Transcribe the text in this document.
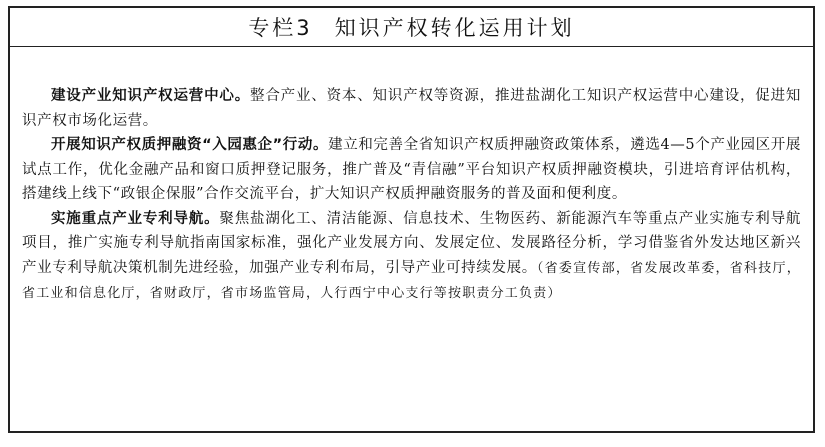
专栏3 知识产权转化运用计划

建设产业知识产权运营中心。整合产业、资本、知识产权等资源，推进盐湖化工知识产权运营中心建设，促进知识产权市场化运营。

开展知识产权质押融资“入园惠企”行动。建立和完善全省知识产权质押融资政策体系，遴选4—5个产业园区开展试点工作，优化金融产品和窗口质押登记服务，推广普及“青信融”平台知识产权质押融资模块，引进培育评估机构，搭建线上线下“政银企保服”合作交流平台，扩大知识产权质押融资服务的普及面和便利度。

实施重点产业专利导航。聚焦盐湖化工、清洁能源、信息技术、生物医药、新能源汽车等重点产业实施专利导航项目，推广实施专利导航指南国家标准，强化产业发展方向、发展定位、发展路径分析，学习借鉴省外发达地区新兴产业专利导航决策机制先进经验，加强产业专利布局，引导产业可持续发展。（省委宣传部，省发展改革委，省科技厅，省工业和信息化厅，省财政厅，省市场监管局，人行西宁中心支行等按职责分工负责）
